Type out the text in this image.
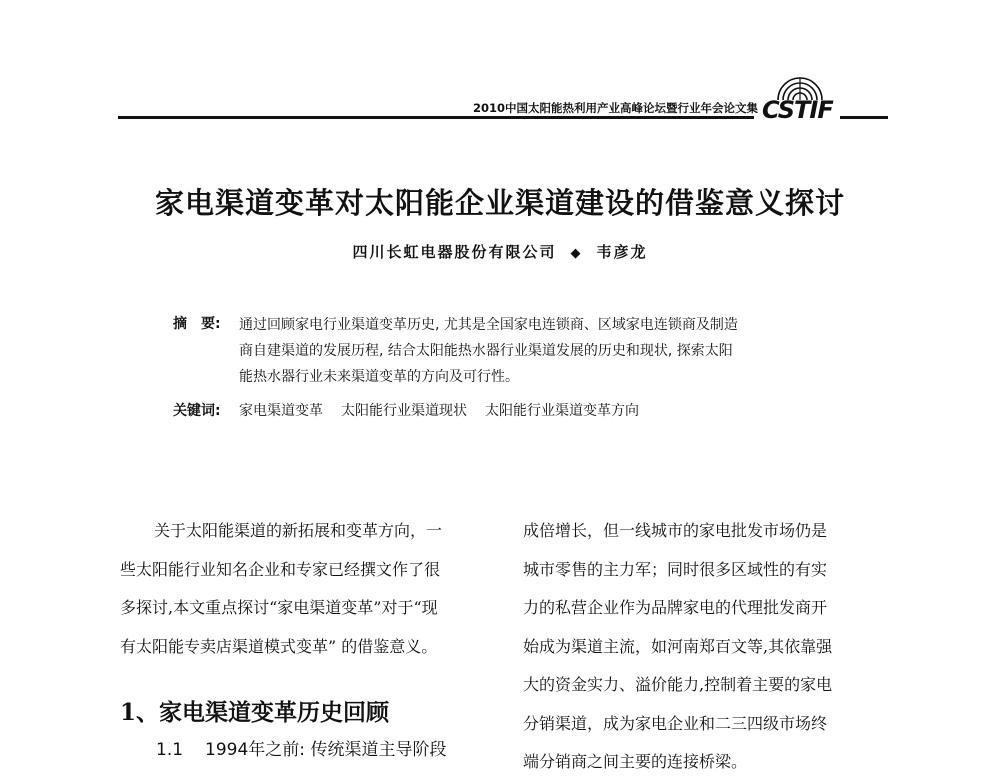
2010中国太阳能热利用产业高峰论坛暨行业年会论文集 CSTIF
家电渠道变革对太阳能企业渠道建设的借鉴意义探讨
四川长虹电器股份有限公司 ◆ 韦彦龙
摘　要: 通过回顾家电行业渠道变革历史, 尤其是全国家电连锁商、区域家电连锁商及制造
商自建渠道的发展历程, 结合太阳能热水器行业渠道发展的历史和现状, 探索太阳
能热水器行业未来渠道变革的方向及可行性。
关键词: 家电渠道变革 太阳能行业渠道现状 太阳能行业渠道变革方向
关于太阳能渠道的新拓展和变革方向，一
些太阳能行业知名企业和专家已经撰文作了很
多探讨,本文重点探讨“家电渠道变革”对于“现
有太阳能专卖店渠道模式变革” 的借鉴意义。
1、家电渠道变革历史回顾
1.1 1994年之前: 传统渠道主导阶段
成倍增长，但一线城市的家电批发市场仍是
城市零售的主力军；同时很多区域性的有实
力的私营企业作为品牌家电的代理批发商开
始成为渠道主流，如河南郑百文等,其依靠强
大的资金实力、溢价能力,控制着主要的家电
分销渠道，成为家电企业和二三四级市场终
端分销商之间主要的连接桥梁。
